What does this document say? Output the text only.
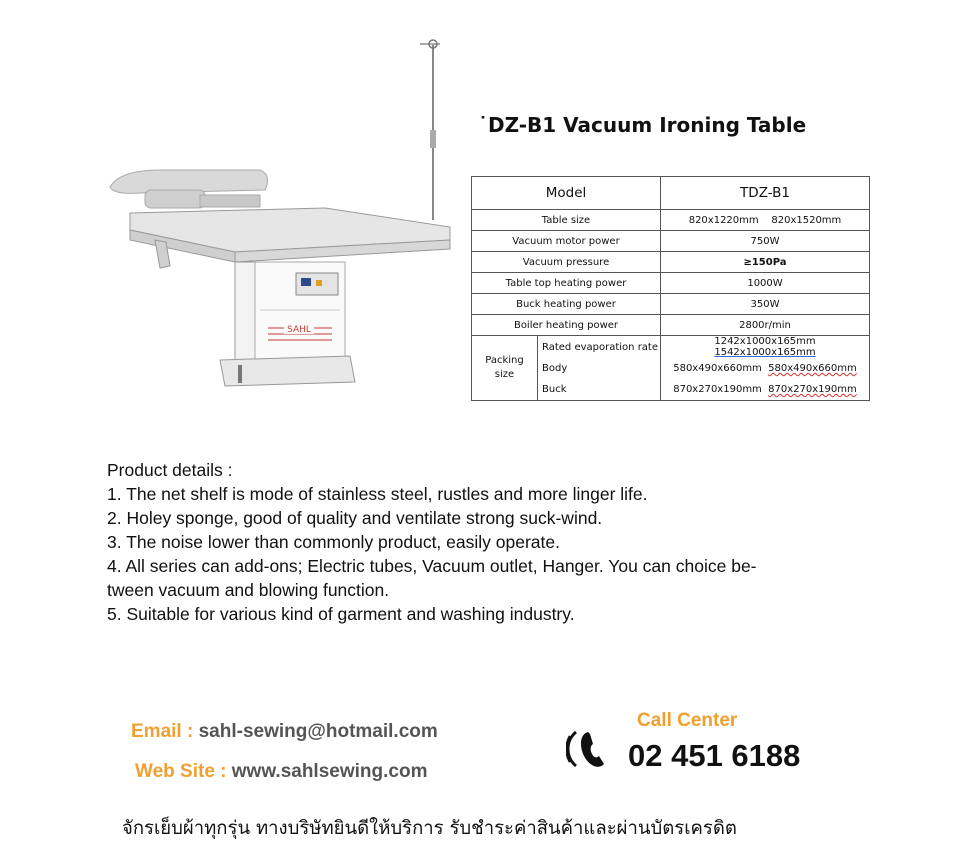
SAHL
˙DZ-B1 Vacuum Ironing Table
Model		TDZ-B1
Table size		820x1220mm    820x1520mm
Vacuum motor power		750W
Vacuum pressure		≥150Pa
Table top heating power		1000W
Buck heating power		350W
Boiler heating power		2800r/min
Packing
size	Rated evaporation rate	1242x1000x165mm 1542x1000x165mm
	Body	580x490x660mm 580x490x660mm
	Buck	870x270x190mm 870x270x190mm
Product details :
1. The net shelf is mode of stainless steel, rustles and more linger life.
2. Holey sponge, good of quality and ventilate strong suck-wind.
3. The noise lower than commonly product, easily operate.
4. All series can add-ons; Electric tubes, Vacuum outlet, Hanger. You can choice be-
tween vacuum and blowing function.
5. Suitable for various kind of garment and washing industry.
Email : sahl-sewing@hotmail.com
Web Site : www.sahlsewing.com
Call Center
02 451 6188
จักรเย็บผ้าทุกรุ่น ทางบริษัทยินดีให้บริการ รับชำระค่าสินค้าและผ่านบัตรเครดิต
